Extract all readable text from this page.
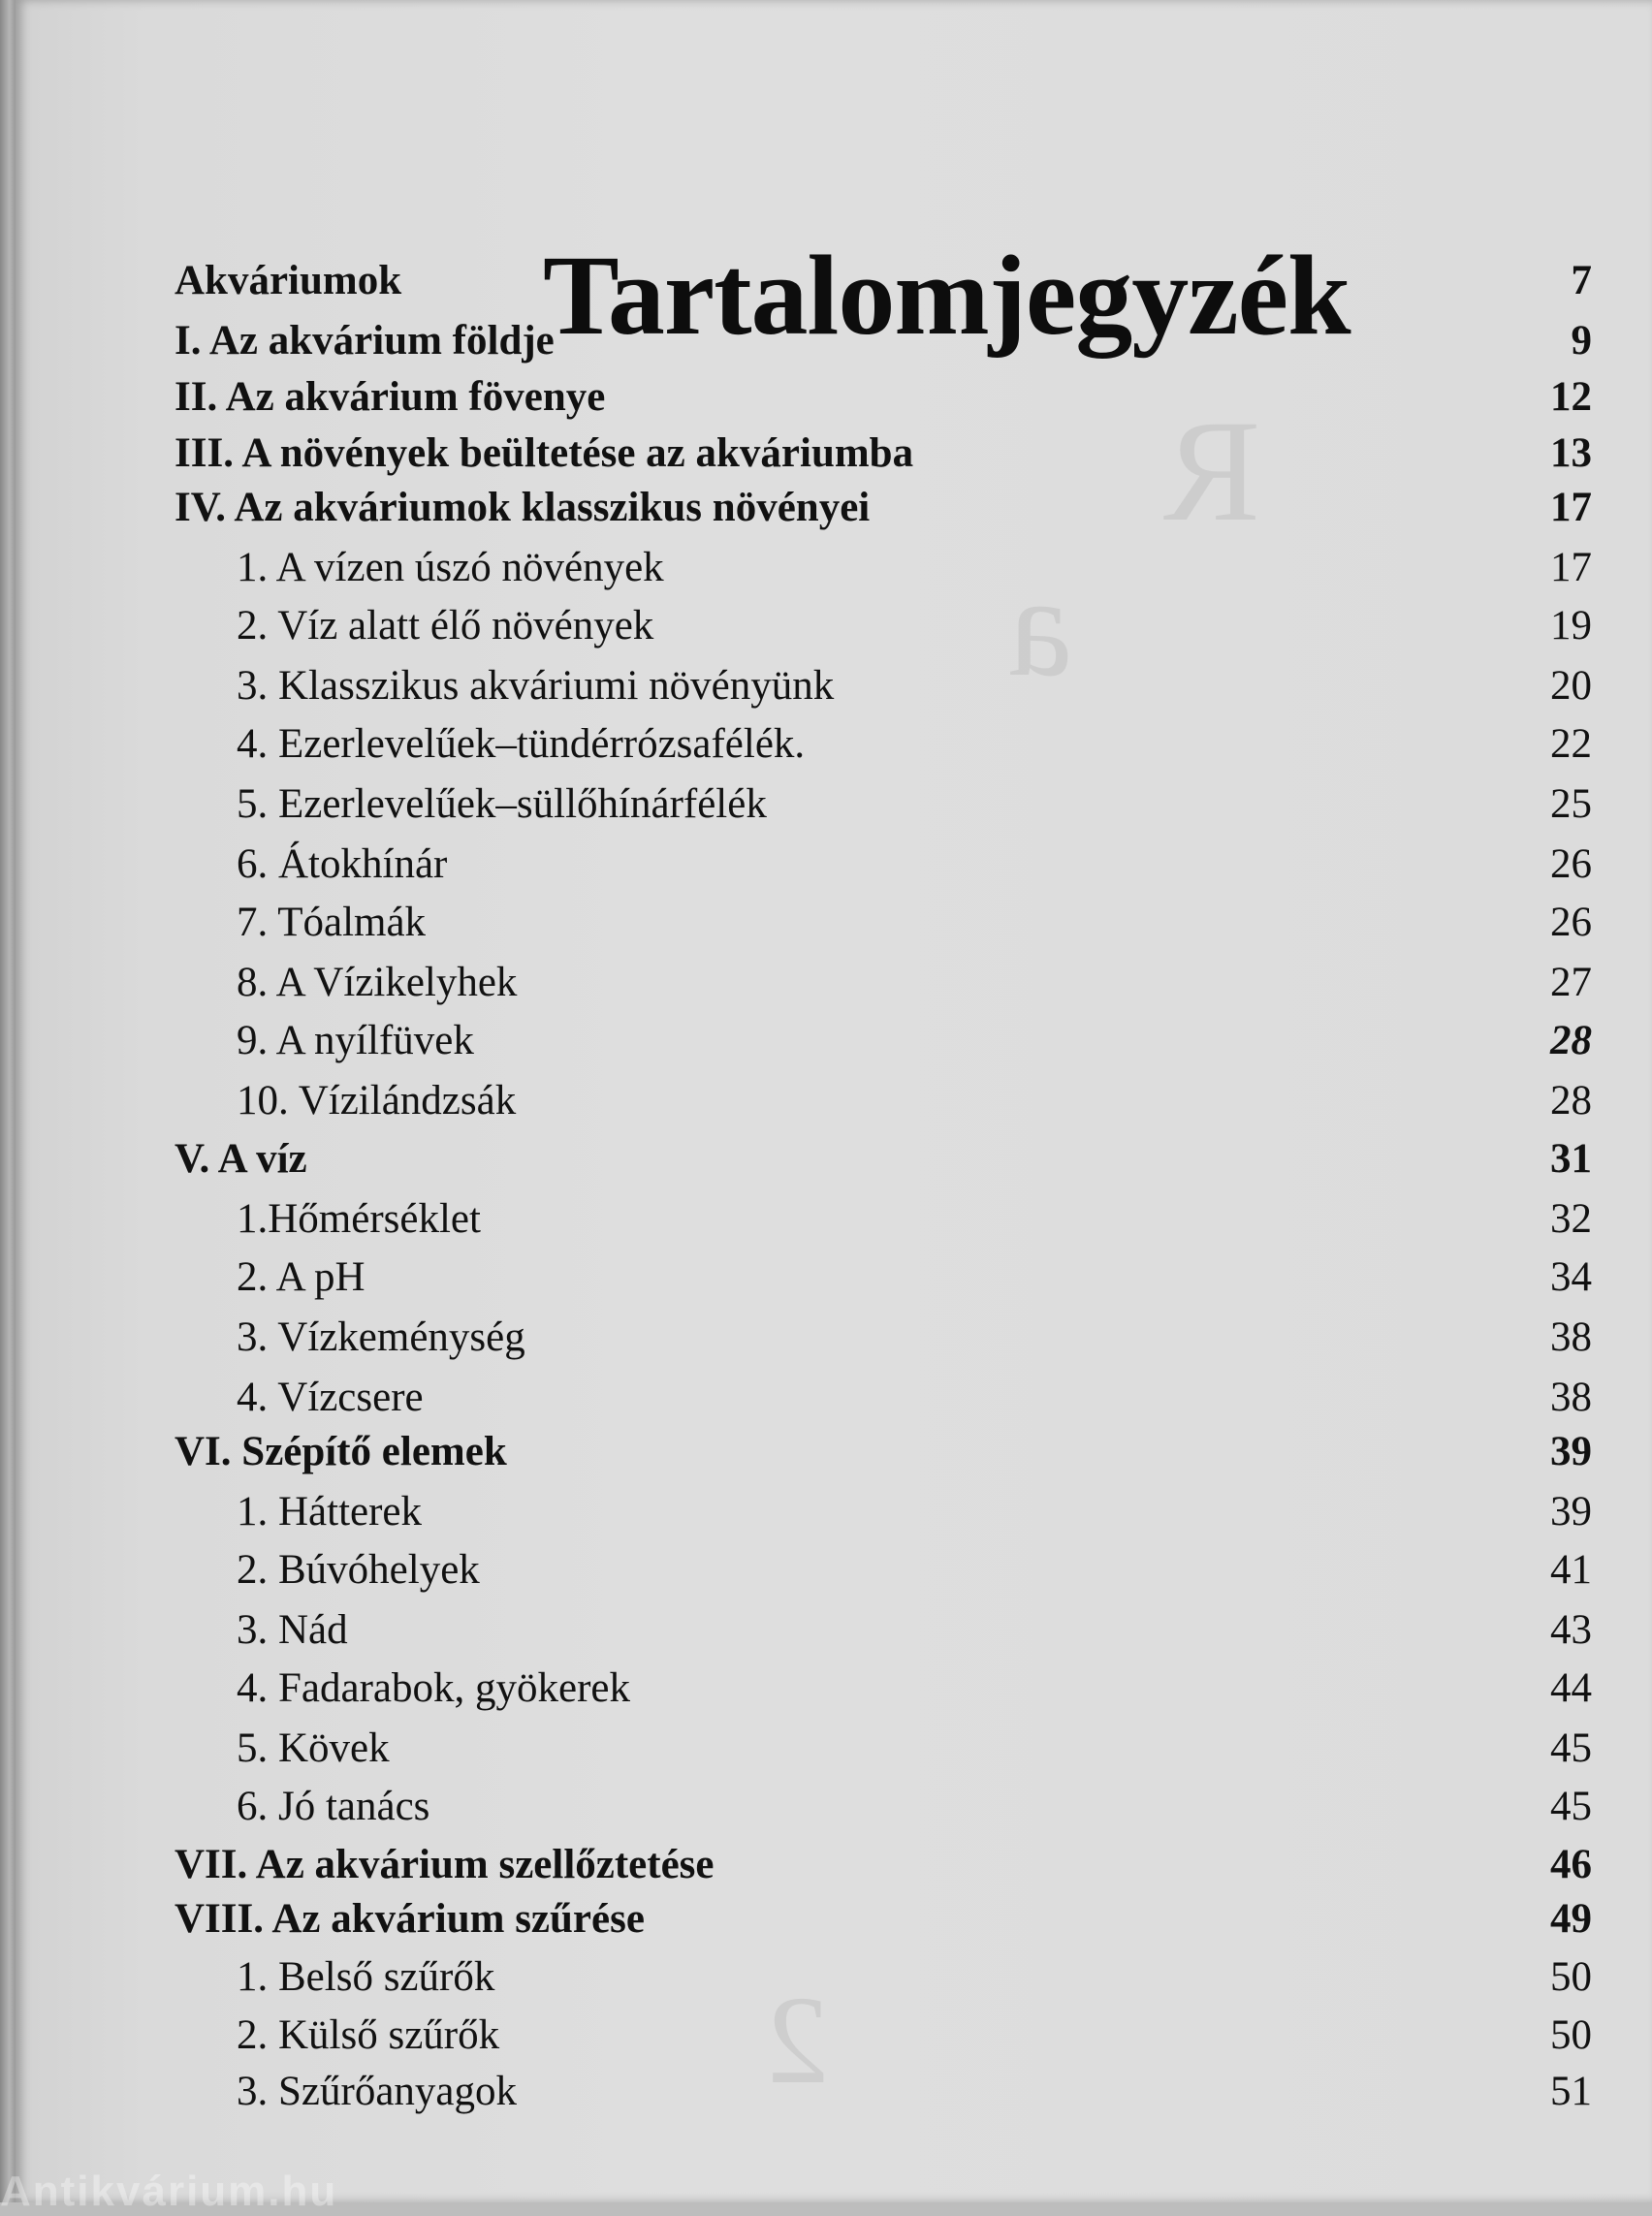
Tartalomjegyzék
Akváriumok	7
I. Az akvárium földje	9
II. Az akvárium fövenye	12
III. A növények beültetése az akváriumba	13
IV. Az akváriumok klasszikus növényei	17
1. A vízen úszó növények	17
2. Víz alatt élő növények	19
3. Klasszikus akváriumi növényünk	20
4. Ezerlevelűek–tündérrózsafélék.	22
5. Ezerlevelűek–süllőhínárfélék	25
6. Átokhínár	26
7. Tóalmák	26
8. A Vízikelyhek	27
9. A nyílfüvek	28
10. Vízilándzsák	28
V. A víz	31
1.Hőmérséklet	32
2. A pH	34
3. Vízkeménység	38
4. Vízcsere	38
VI. Szépítő elemek	39
1. Hátterek	39
2. Búvóhelyek	41
3. Nád	43
4. Fadarabok, gyökerek	44
5. Kövek	45
6. Jó tanács	45
VII. Az akvárium szellőztetése	46
VIII. Az akvárium szűrése	49
1. Belső szűrők	50
2. Külső szűrők	50
3. Szűrőanyagok	51
Antikvárium.hu
